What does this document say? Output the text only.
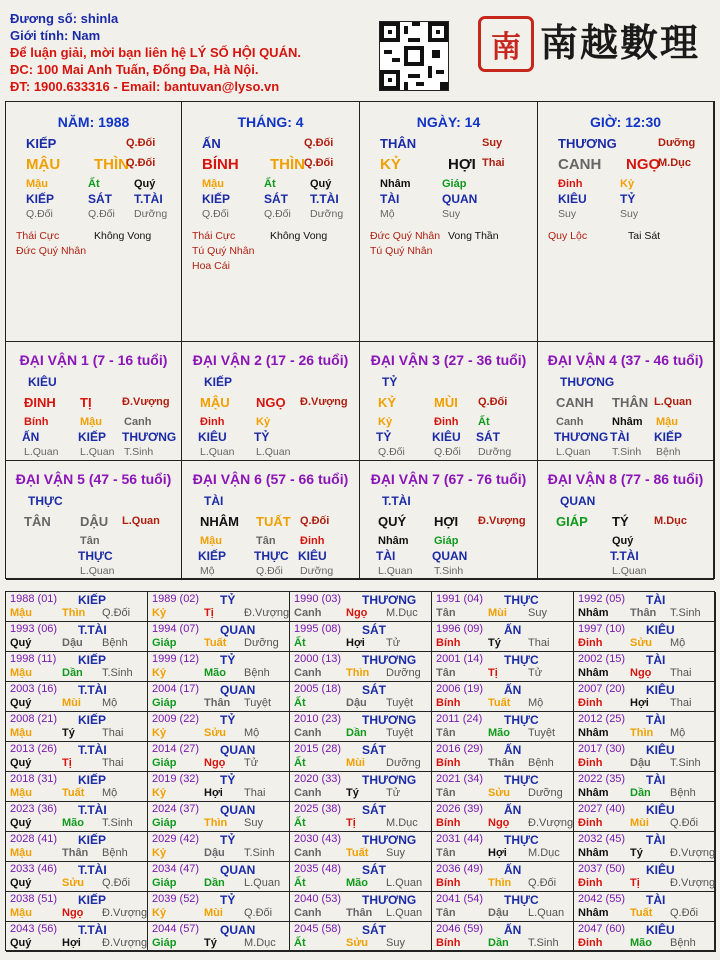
Đương số: shinla
Giới tính: Nam
Để luận giải, mời bạn liên hệ LÝ SỐ HỘI QUÁN.
ĐC: 100 Mai Anh Tuấn, Đống Đa, Hà Nội.
ĐT: 1900.633316 - Email: bantuvan@lyso.vn
南 南越數理
NĂM: 1988
KIẾP	Q.Đối
MẬU THÌN
Q.Đối
Mậu
KIẾP
Q.Đối
Ất
SÁT
Q.Đối
Quý
T.TÀI
Dưỡng
Thái Cực	Không Vong
Đức Quý Nhân
THÁNG: 4
ẤN	Q.Đối
BÍNH THÌN Q.Đối
Mậu
KIẾP
Q.Đối
Ất
SÁT
Q.Đối
Quý
T.TÀI
Dưỡng
Thái Cực	Không Vong
Tú Quý Nhân
Hoa Cái
NGÀY: 14
THÂN	Suy
KỶ	HỢI Thai
Nhâm
TÀI
Mộ
Giáp
QUAN
Suy
Đức Quý Nhân Vong Thần
Tú Quý Nhân
GIỜ: 12:30
THƯƠNG	Dưỡng
CANH NGỌ
M.Dục
Đinh
KIÊU
Suy
Kỷ
TỶ
Suy
Quy Lộc	Tai Sát
ĐẠI VẬN 1 (7 - 16 tuổi)
KIÊU
ĐINH TỊ	Đ.Vượng
Bính
ẤN
L.Quan
Mậu
KIẾP
L.Quan
Canh
THƯƠNG
T.Sinh
ĐẠI VẬN 2 (17 - 26 tuổi)
KIẾP
MẬU NGỌ Đ.Vượng
Đinh
KIÊU
L.Quan
Kỷ
TỶ
L.Quan
ĐẠI VẬN 3 (27 - 36 tuổi)
TỶ
KỶ	MÙI Q.Đối
Kỷ
TỶ
Q.Đối
Đinh
KIÊU
Q.Đối
Ất
SÁT
Dưỡng
ĐẠI VẬN 4 (37 - 46 tuổi)
THƯƠNG
CANH THÂN L.Quan
Canh
THƯƠNG
L.Quan
Nhâm
TÀI
T.Sinh
Mậu
KIẾP
Bệnh
ĐẠI VẬN 5 (47 - 56 tuổi)
THỰC
TÂN DẬU L.Quan
Tân
THỰC
L.Quan
ĐẠI VẬN 6 (57 - 66 tuổi)
TÀI
NHÂM TUẤT Q.Đối
Mậu
KIẾP
Mộ
Tân
THỰC
Q.Đối
Đinh
KIÊU
Dưỡng
ĐẠI VẬN 7 (67 - 76 tuổi)
T.TÀI
QUÝ HỢI Đ.Vượng
Nhâm
TÀI
L.Quan
Giáp
QUAN
T.Sinh
ĐẠI VẬN 8 (77 - 86 tuổi)
QUAN
GIÁP TÝ M.Dục
Quý
T.TÀI
L.Quan
1988 (01) KIẾP
Mậu	Thìn Q.Đối
1989 (02) TỶ
Kỷ	Tị	Đ.Vượng
1990 (03) THƯƠNG
Canh Ngọ M.Dục
1991 (04) THỰC
Tân	Mùi Suy
1992 (05) TÀI
Nhâm Thân T.Sinh
1993 (06) T.TÀI
Quý	Dậu Bệnh
1994 (07) QUAN
Giáp	Tuất Dưỡng
1995 (08) SÁT
Ất	Hợi Tử
1996 (09) ẤN
Bính	Tý Thai
1997 (10) KIÊU
Đinh	Sửu Mộ
1998 (11) KIẾP
Mậu	Dần T.Sinh
1999 (12) TỶ
Kỷ	Mão Bệnh
2000 (13) THƯƠNG
Canh Thìn Dưỡng
2001 (14) THỰC
Tân	Tị	Tử
2002 (15) TÀI
Nhâm Ngọ Thai
2003 (16) T.TÀI
Quý	Mùi Mộ
2004 (17) QUAN
Giáp	Thân Tuyệt
2005 (18) SÁT
Ất	Dậu Tuyệt
2006 (19) ẤN
Bính	Tuất Mộ
2007 (20) KIÊU
Đinh	Hợi Thai
2008 (21) KIẾP
Mậu	Tý Thai
2009 (22) TỶ
Kỷ	Sửu Mộ
2010 (23) THƯƠNG
Canh Dần Tuyệt
2011 (24) THỰC
Tân	Mão Tuyệt
2012 (25) TÀI
Nhâm Thìn Mộ
2013 (26) T.TÀI
Quý	Tị	Thai
2014 (27) QUAN
Giáp	Ngọ Tử
2015 (28) SÁT
Ất	Mùi Dưỡng
2016 (29) ẤN
Bính	Thân Bệnh
2017 (30) KIÊU
Đinh	Dậu T.Sinh
2018 (31) KIẾP
Mậu	Tuất Mộ
2019 (32) TỶ
Kỷ	Hợi Thai
2020 (33) THƯƠNG
Canh Tý Tử
2021 (34) THỰC
Tân	Sửu Dưỡng
2022 (35) TÀI
Nhâm Dần Bệnh
2023 (36) T.TÀI
Quý	Mão T.Sinh
2024 (37) QUAN
Giáp	Thìn Suy
2025 (38) SÁT
Ất	Tị	M.Dục
2026 (39) ẤN
Bính	Ngọ Đ.Vượng
2027 (40) KIÊU
Đinh	Mùi Q.Đối
2028 (41) KIẾP
Mậu	Thân Bệnh
2029 (42) TỶ
Kỷ	Dậu T.Sinh
2030 (43) THƯƠNG
Canh Tuất Suy
2031 (44) THỰC
Tân	Hợi M.Dục
2032 (45) TÀI
Nhâm Tý Đ.Vượng
2033 (46) T.TÀI
Quý	Sửu Q.Đối
2034 (47) QUAN
Giáp	Dần L.Quan
2035 (48) SÁT
Ất	Mão L.Quan
2036 (49) ẤN
Bính	Thìn Q.Đối
2037 (50) KIÊU
Đinh	Tị	Đ.Vượng
2038 (51) KIẾP
Mậu	Ngọ Đ.Vượng
2039 (52) TỶ
Kỷ	Mùi Q.Đối
2040 (53) THƯƠNG
Canh Thân L.Quan
2041 (54) THỰC
Tân	Dậu L.Quan
2042 (55) TÀI
Nhâm Tuất Q.Đối
2043 (56) T.TÀI
Quý	Hợi Đ.Vượng
2044 (57) QUAN
Giáp	Tý M.Dục
2045 (58) SÁT
Ất	Sửu Suy
2046 (59) ẤN
Bính	Dần T.Sinh
2047 (60) KIÊU
Đinh	Mão Bệnh
